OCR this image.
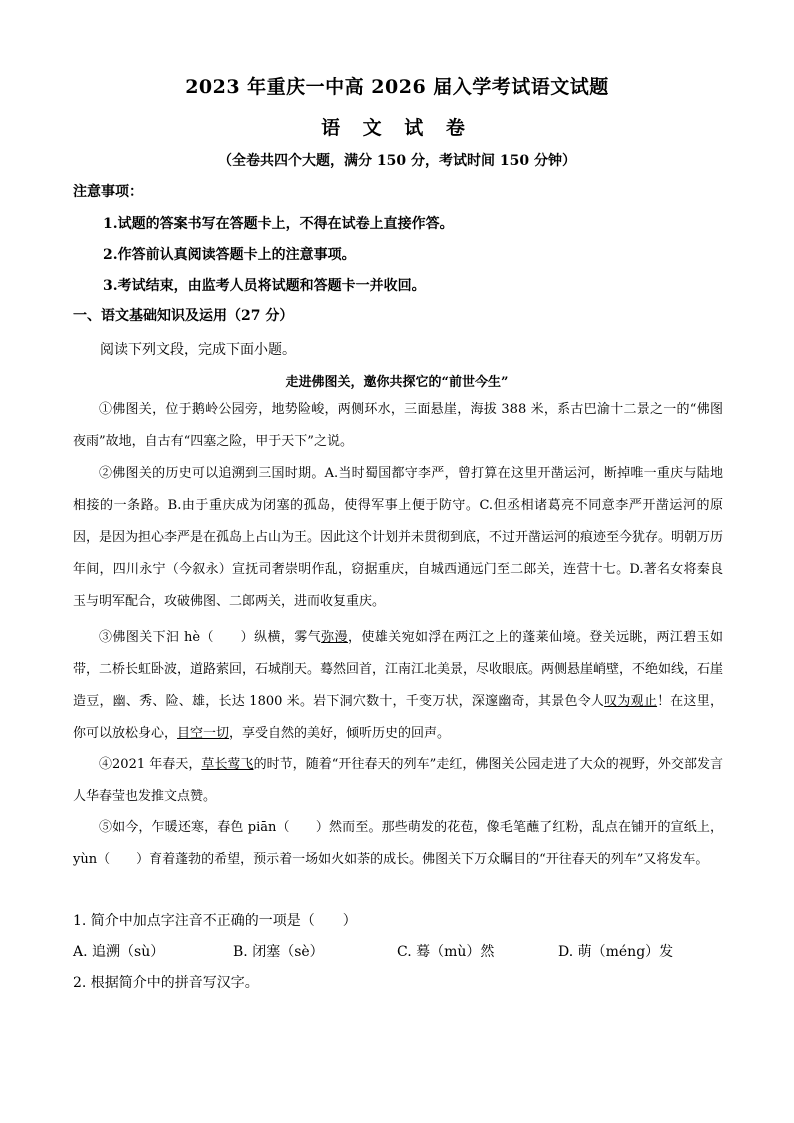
2023 年重庆一中高 2026 届入学考试语文试题
语 文 试 卷
（全卷共四个大题，满分 150 分，考试时间 150 分钟）
注意事项：
1.试题的答案书写在答题卡上，不得在试卷上直接作答。
2.作答前认真阅读答题卡上的注意事项。
3.考试结束，由监考人员将试题和答题卡一并收回。
一、语文基础知识及运用（27 分）
阅读下列文段，完成下面小题。
走进佛图关，邀你共探它的“前世今生”
①佛图关，位于鹅岭公园旁，地势险峻，两侧环水，三面悬崖，海拔 388 米，系古巴渝十二景之一的“佛图夜雨”故地，自古有“四塞之险，甲于天下”之说。
②佛图关的历史可以追溯到三国时期。A.当时蜀国都守李严，曾打算在这里开凿运河，断掉唯一重庆与陆地相接的一条路。B.由于重庆成为闭塞的孤岛，使得军事上便于防守。C.但丞相诸葛亮不同意李严开凿运河的原因，是因为担心李严是在孤岛上占山为王。因此这个计划并未贯彻到底，不过开凿运河的痕迹至今犹存。明朝万历年间，四川永宁（今叙永）宣抚司奢崇明作乱，窃据重庆，自城西通远门至二郎关，连营十七。D.著名女将秦良玉与明军配合，攻破佛图、二郎两关，进而收复重庆。
③佛图关下汩 hè（　　）纵横，雾气弥漫，使雄关宛如浮在两江之上的蓬莱仙境。登关远眺，两江碧玉如带，二桥长虹卧波，道路萦回，石城削天。蓦然回首，江南江北美景，尽收眼底。两侧悬崖峭壁，不绝如线，石崖造豆，幽、秀、险、雄，长达 1800 米。岩下洞穴数十，千变万状，深邃幽奇，其景色令人叹为观止！在这里，你可以放松身心，目空一切，享受自然的美好，倾听历史的回声。
④2021 年春天，草长莺飞的时节，随着“开往春天的列车”走红，佛图关公园走进了大众的视野，外交部发言人华春莹也发推文点赞。
⑤如今，乍暖还寒，春色 piān（　　）然而至。那些萌发的花苞，像毛笔蘸了红粉，乱点在铺开的宣纸上，yùn（　　）育着蓬勃的希望，预示着一场如火如荼的成长。佛图关下万众瞩目的“开往春天的列车”又将发车。
1. 简介中加点字注音不正确的一项是（　　）
A. 追溯（sù）	B. 闭塞（sè）	C. 蓦（mù）然	D. 萌（méng）发
2. 根据简介中的拼音写汉字。
